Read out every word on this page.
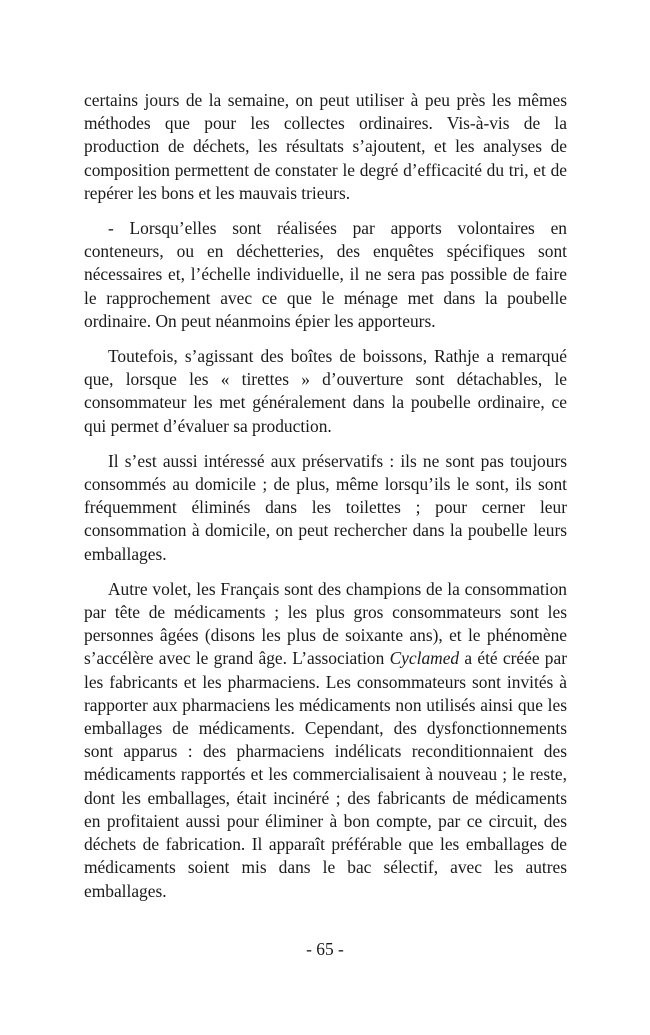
certains jours de la semaine, on peut utiliser à peu près les mêmes méthodes que pour les collectes ordinaires. Vis-à-vis de la production de déchets, les résultats s’ajoutent, et les analyses de composition permettent de constater le degré d’efficacité du tri, et de repérer les bons et les mauvais trieurs.

- Lorsqu’elles sont réalisées par apports volontaires en conteneurs, ou en déchetteries, des enquêtes spécifiques sont nécessaires et, l’échelle individuelle, il ne sera pas possible de faire le rapprochement avec ce que le ménage met dans la poubelle ordinaire. On peut néanmoins épier les apporteurs.

Toutefois, s’agissant des boîtes de boissons, Rathje a remarqué que, lorsque les « tirettes » d’ouverture sont détachables, le consommateur les met généralement dans la poubelle ordinaire, ce qui permet d’évaluer sa production.

Il s’est aussi intéressé aux préservatifs : ils ne sont pas toujours consommés au domicile ; de plus, même lorsqu’ils le sont, ils sont fréquemment éliminés dans les toilettes ; pour cerner leur consommation à domicile, on peut rechercher dans la poubelle leurs emballages.

Autre volet, les Français sont des champions de la consommation par tête de médicaments ; les plus gros consommateurs sont les personnes âgées (disons les plus de soixante ans), et le phénomène s’accélère avec le grand âge. L’association Cyclamed a été créée par les fabricants et les pharmaciens. Les consommateurs sont invités à rapporter aux pharmaciens les médicaments non utilisés ainsi que les emballages de médicaments. Cependant, des dysfonctionnements sont apparus : des pharmaciens indélicats reconditionnaient des médicaments rapportés et les commercialisaient à nouveau ; le reste, dont les emballages, était incinéré ; des fabricants de médicaments en profitaient aussi pour éliminer à bon compte, par ce circuit, des déchets de fabrication. Il apparaît préférable que les emballages de médicaments soient mis dans le bac sélectif, avec les autres emballages.

- 65 -
